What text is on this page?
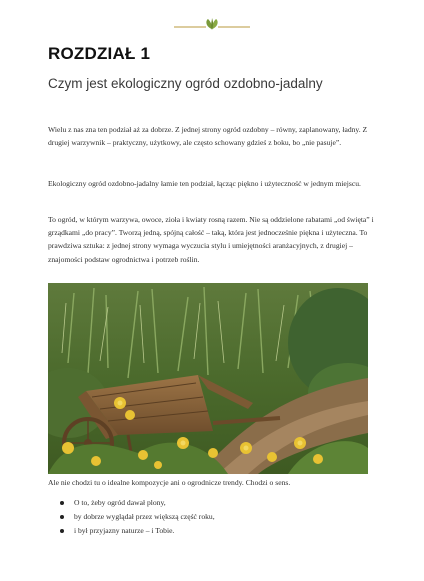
ROZDZIAŁ 1
Czym jest ekologiczny ogród ozdobno-jadalny

Wielu z nas zna ten podział aż za dobrze. Z jednej strony ogród ozdobny – równy, zaplanowany, ładny. Z drugiej warzywnik – praktyczny, użytkowy, ale często schowany gdzieś z boku, bo „nie pasuje”.

Ekologiczny ogród ozdobno-jadalny łamie ten podział, łącząc piękno i użyteczność w jednym miejscu.

To ogród, w którym warzywa, owoce, zioła i kwiaty rosną razem. Nie są oddzielone rabatami „od święta” i grządkami „do pracy”. Tworzą jedną, spójną całość – taką, która jest jednocześnie piękna i użyteczna. To prawdziwa sztuka: z jednej strony wymaga wyczucia stylu i umiejętności aranżacyjnych, z drugiej – znajomości podstaw ogrodnictwa i potrzeb roślin.

Ale nie chodzi tu o idealne kompozycje ani o ogrodnicze trendy. Chodzi o sens.

O to, żeby ogród dawał plony,
by dobrze wyglądał przez większą część roku,
i był przyjazny naturze – i Tobie.
